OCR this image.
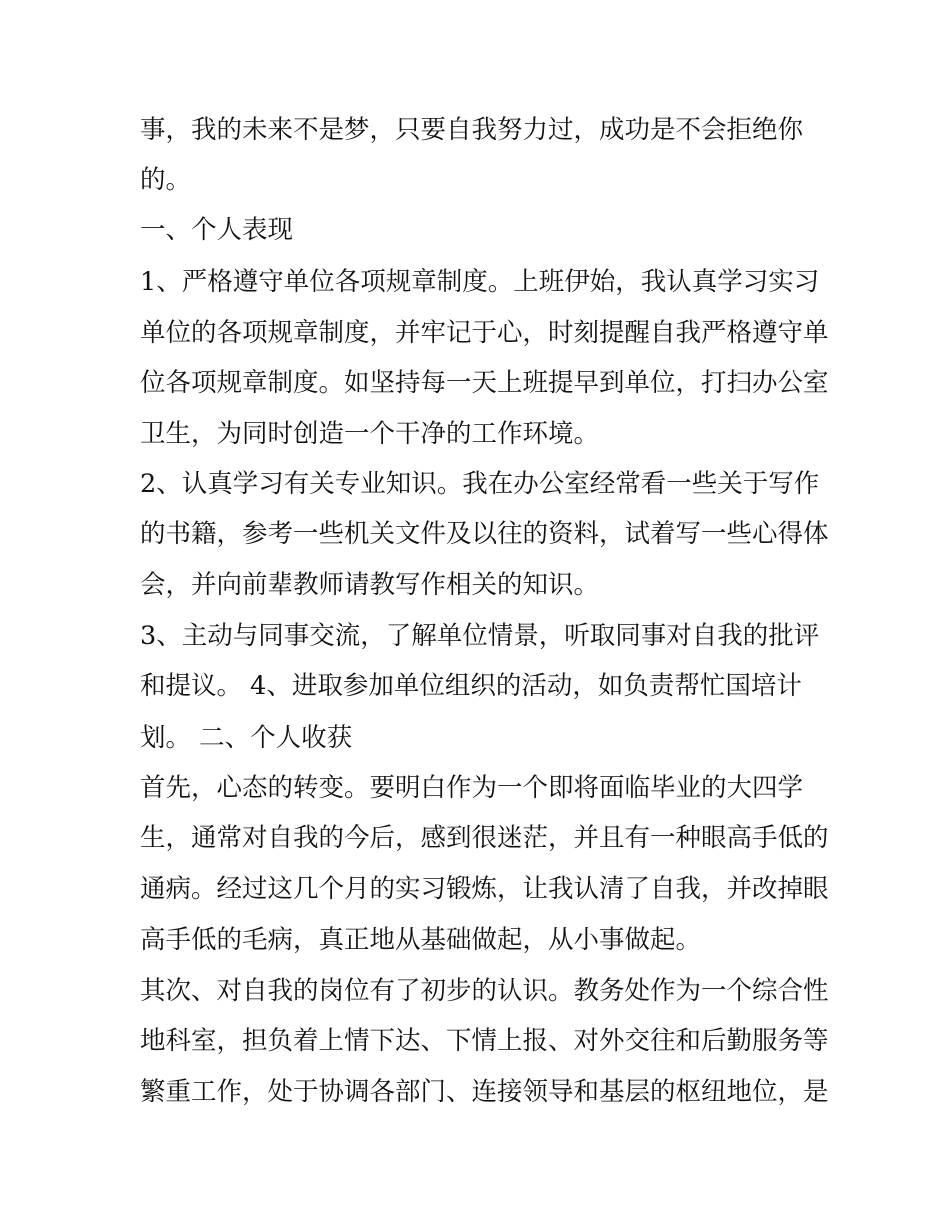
事，我的未来不是梦，只要自我努力过，成功是不会拒绝你
的。
一、个人表现
1、严格遵守单位各项规章制度。上班伊始，我认真学习实习
单位的各项规章制度，并牢记于心，时刻提醒自我严格遵守单
位各项规章制度。如坚持每一天上班提早到单位，打扫办公室
卫生，为同时创造一个干净的工作环境。
2、认真学习有关专业知识。我在办公室经常看一些关于写作
的书籍，参考一些机关文件及以往的资料，试着写一些心得体
会，并向前辈教师请教写作相关的知识。
3、主动与同事交流，了解单位情景，听取同事对自我的批评
和提议。 4、进取参加单位组织的活动，如负责帮忙国培计
划。 二、个人收获
首先，心态的转变。要明白作为一个即将面临毕业的大四学
生，通常对自我的今后，感到很迷茫，并且有一种眼高手低的
通病。经过这几个月的实习锻炼，让我认清了自我，并改掉眼
高手低的毛病，真正地从基础做起，从小事做起。
其次、对自我的岗位有了初步的认识。教务处作为一个综合性
地科室，担负着上情下达、下情上报、对外交往和后勤服务等
繁重工作，处于协调各部门、连接领导和基层的枢纽地位，是
